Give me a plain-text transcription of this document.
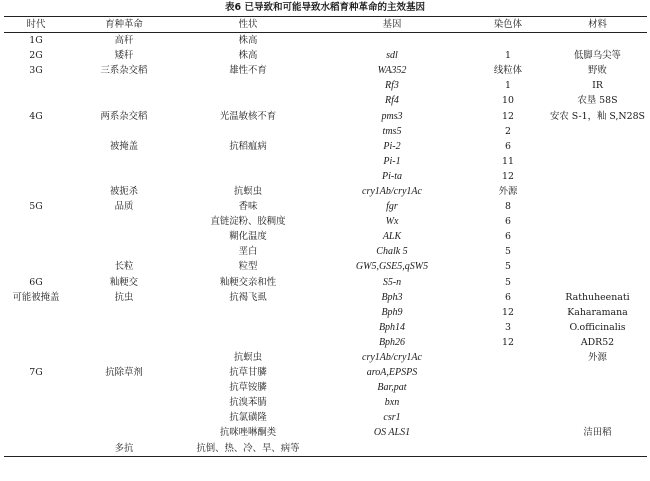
表6 已导致和可能导致水稻育种革命的主效基因
时代	育种革命	性状	基因	染色体	材料
1G	高秆	株高			
2G	矮秆	株高	sdl	1	低脚乌尖等
3G	三系杂交稻	雄性不育	WA352	线粒体	野败
			Rf3	1	IR
			Rf4	10	农垦 58S
4G	两系杂交稻	光温敏核不育	pms3	12	安农 S-1，籼 S,N28S
			tms5	2	
	被掩盖	抗稻瘟病	Pi-2	6	
			Pi-1	11	
			Pi-ta	12	
	被扼杀	抗螟虫	cry1Ab/cry1Ac	外源	
5G	品质	香味	fgr	8	
		直链淀粉、胶稠度	Wx	6	
		糊化温度	ALK	6	
		垩白	Chalk 5	5	
	长粒	粒型	GW5,GSE5,qSW5	5	
6G	籼粳交	籼粳交亲和性	S5-n	5	
可能被掩盖	抗虫	抗褐飞虱	Bph3	6	Rathuheenati
			Bph9	12	Kaharamana
			Bph14	3	O.officinalis
			Bph26	12	ADR52
		抗螟虫	cry1Ab/cry1Ac		外源
7G	抗除草剂	抗草甘膦	aroA,EPSPS		
		抗草铵膦	Bar,pat		
		抗溴苯腈	bxn		
		抗氯磺隆	csr1		
		抗咪唑啉酮类	OS ALS1		洁田稻
	多抗	抗倒、热、冷、旱、病等			
